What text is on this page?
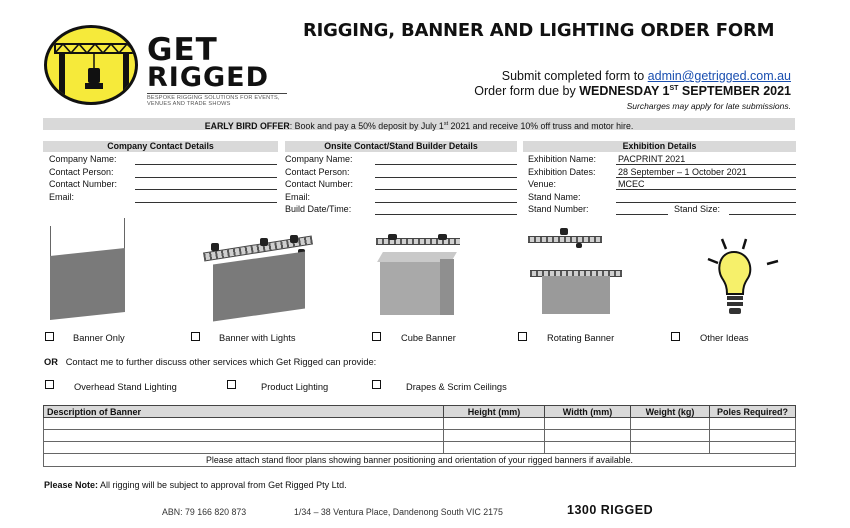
GET
RIGGED
BESPOKE RIGGING SOLUTIONS FOR EVENTS, VENUES AND TRADE SHOWS
RIGGING, BANNER AND LIGHTING ORDER FORM
Submit completed form to admin@getrigged.com.au
Order form due by WEDNESDAY 1ST SEPTEMBER 2021
Surcharges may apply for late submissions.
EARLY BIRD OFFER: Book and pay a 50% deposit by July 1st 2021 and receive 10% off truss and motor hire.
Company Contact Details
Company Name:
Contact Person:
Contact Number:
Email:
Onsite Contact/Stand Builder Details
Company Name:
Contact Person:
Contact Number:
Email:
Build Date/Time:
Exhibition Details
Exhibition Name:	PACPRINT 2021
Exhibition Dates:	28 September – 1 October 2021
Venue:	MCEC
Stand Name:
Stand Number:	Stand Size:
Banner Only	Banner with Lights	Cube Banner	Rotating Banner	Other Ideas
OR Contact me to further discuss other services which Get Rigged can provide:
Overhead Stand Lighting	Product Lighting	Drapes & Scrim Ceilings
Description of Banner	Height (mm)	Width (mm)	Weight (kg)	Poles Required?

Please attach stand floor plans showing banner positioning and orientation of your rigged banners if available.				
Please Note: All rigging will be subject to approval from Get Rigged Pty Ltd.
ABN: 79 166 820 873	1/34 – 38 Ventura Place, Dandenong South VIC 2175	1300 RIGGED
